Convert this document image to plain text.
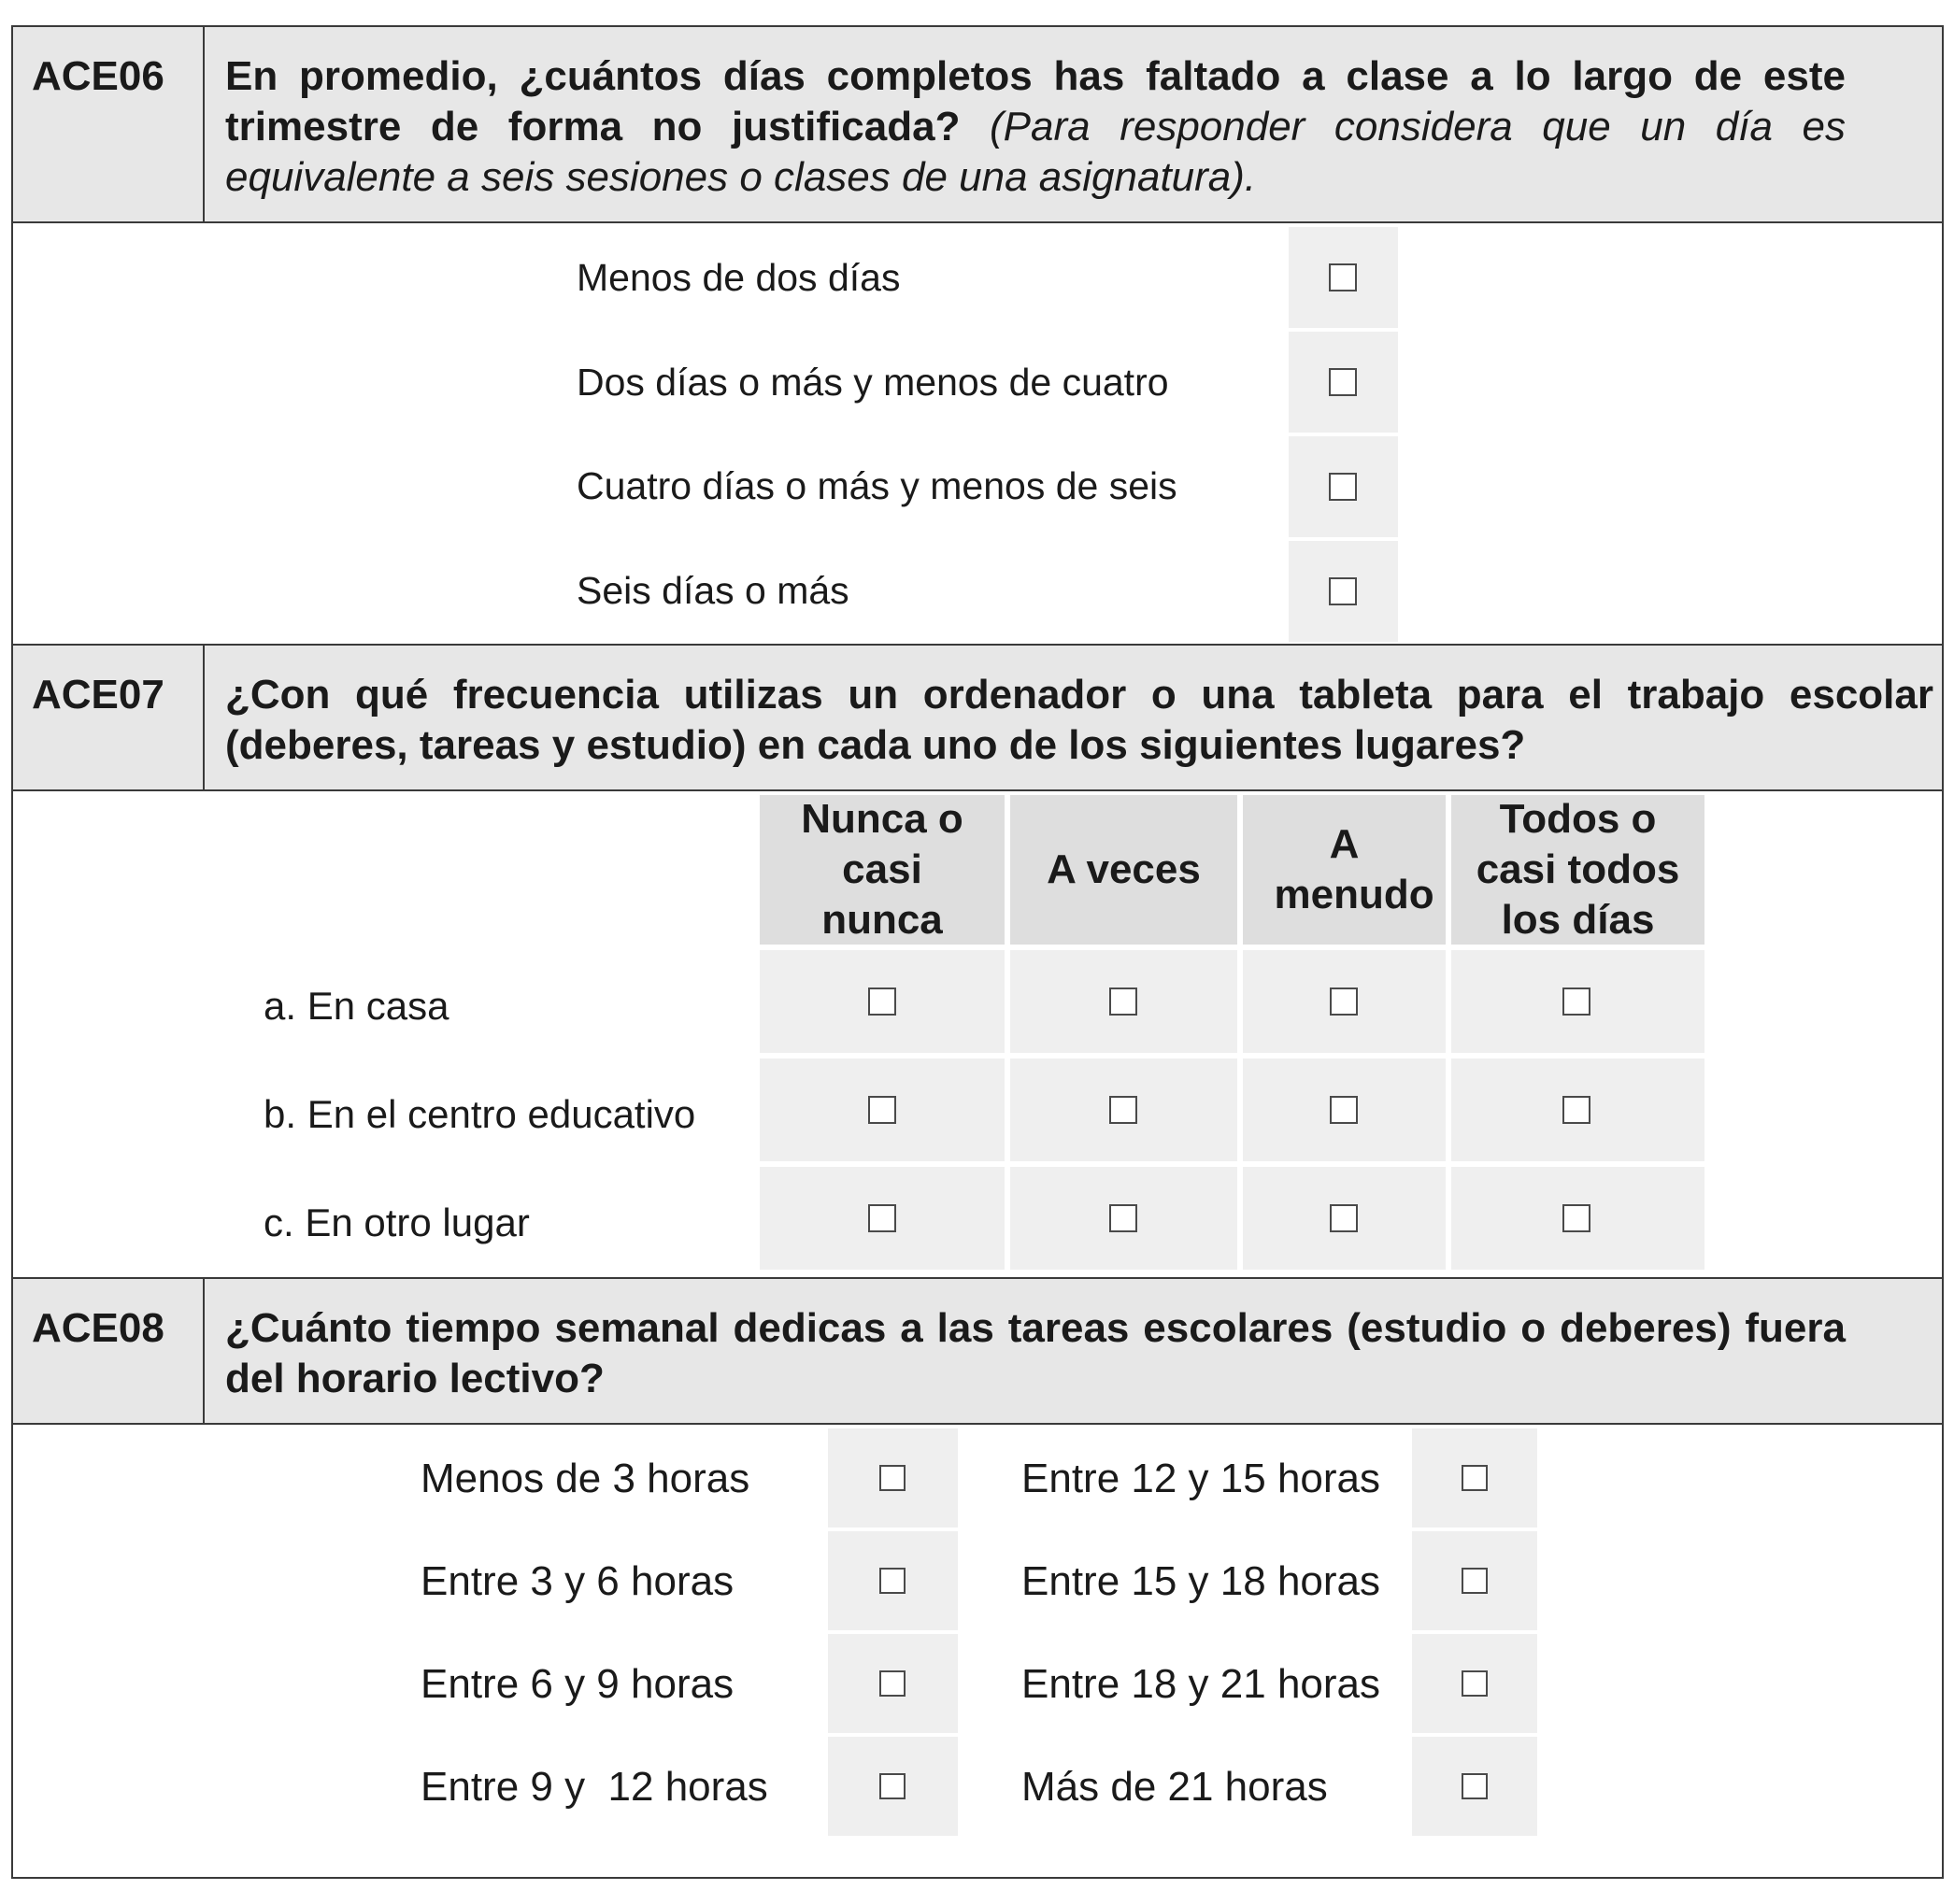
ACE06 En promedio, ¿cuántos días completos has faltado a clase a lo largo de este trimestre de forma no justificada? (Para responder considera que un día es equivalente a seis sesiones o clases de una asignatura).

Menos de dos días

Dos días o más y menos de cuatro

Cuatro días o más y menos de seis

Seis días o más

ACE07 ¿Con qué frecuencia utilizas un ordenador o una tableta para el trabajo escolar (deberes, tareas y estudio) en cada uno de los siguientes lugares?

Nunca o casi nunca
A veces
A menudo
Todos o casi todos los días

a. En casa

b. En el centro educativo

c. En otro lugar

ACE08 ¿Cuánto tiempo semanal dedicas a las tareas escolares (estudio o deberes) fuera del horario lectivo?

Menos de 3 horas

Entre 3 y 6 horas

Entre 6 y 9 horas

Entre 9 y  12 horas

Entre 12 y 15 horas

Entre 15 y 18 horas

Entre 18 y 21 horas

Más de 21 horas
